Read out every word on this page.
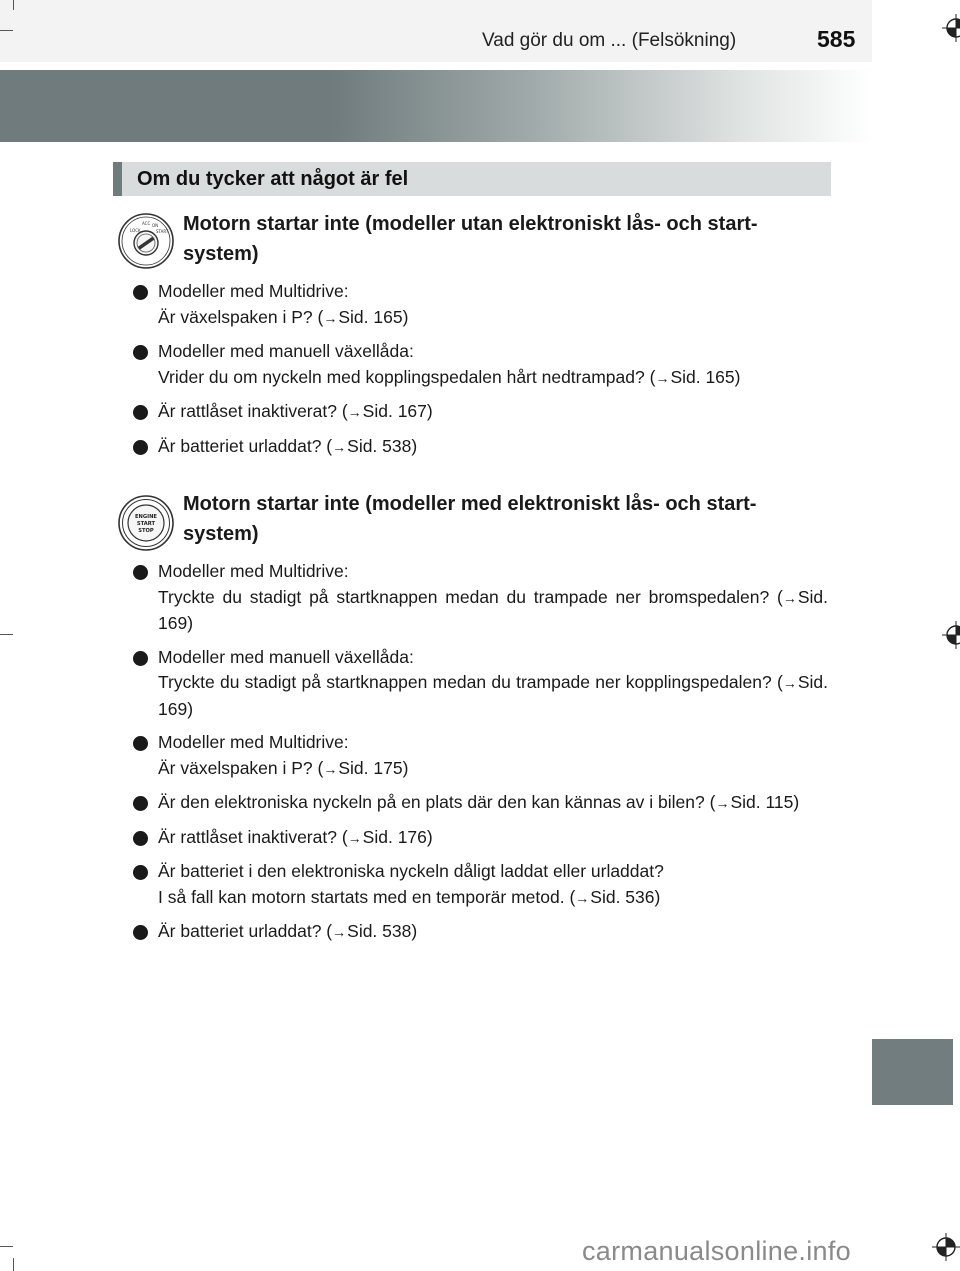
Vad gör du om ... (Felsökning)	585
Om du tycker att något är fel
LOCK
ACC ON
START Motorn startar inte (modeller utan elektroniskt lås- och start-system)
Modeller med Multidrive:
Är växelspaken i P? (→Sid. 165)
Modeller med manuell växellåda:
Vrider du om nyckeln med kopplingspedalen hårt nedtrampad? (→Sid. 165)
Är rattlåset inaktiverat? (→Sid. 167)
Är batteriet urladdat? (→Sid. 538)
ENGINE
START
STOP
Motorn startar inte (modeller med elektroniskt lås- och start-system)
Modeller med Multidrive:
Tryckte du stadigt på startknappen medan du trampade ner bromspedalen? (→Sid. 169)
Modeller med manuell växellåda:
Tryckte du stadigt på startknappen medan du trampade ner kopplingspedalen? (→Sid. 169)
Modeller med Multidrive:
Är växelspaken i P? (→Sid. 175)
Är den elektroniska nyckeln på en plats där den kan kännas av i bilen? (→Sid. 115)
Är rattlåset inaktiverat? (→Sid. 176)
Är batteriet i den elektroniska nyckeln dåligt laddat eller urladdat?
I så fall kan motorn startats med en temporär metod. (→Sid. 536)
Är batteriet urladdat? (→Sid. 538)
carmanualsonline.info
